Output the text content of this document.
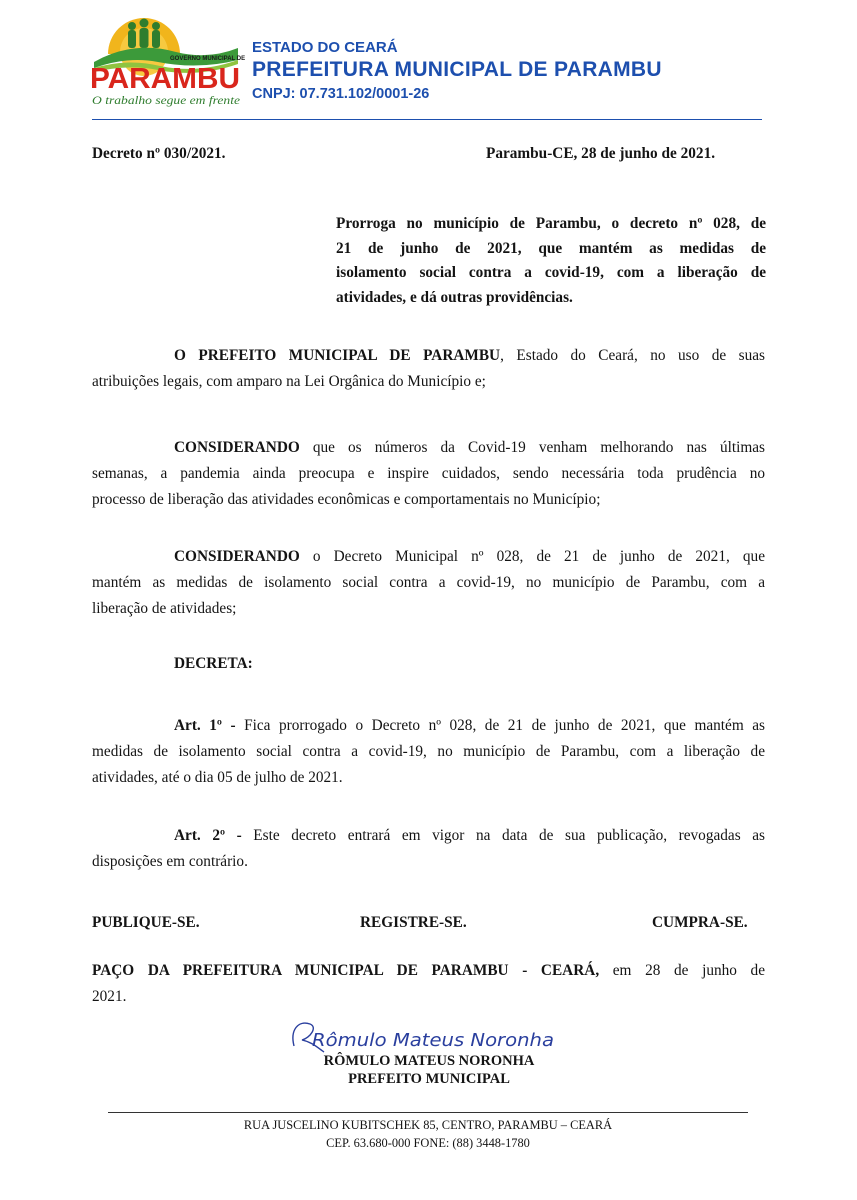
GOVERNO MUNICIPAL DE
PARAMBU
O trabalho segue em frente
ESTADO DO CEARÁ
PREFEITURA MUNICIPAL DE PARAMBU
CNPJ: 07.731.102/0001-26
Decreto nº 030/2021.	Parambu-CE, 28 de junho de 2021.
Prorroga no município de Parambu, o decreto nº 028, de
21 de junho de 2021, que mantém as medidas de
isolamento social contra a covid-19, com a liberação de
atividades, e dá outras providências.
O PREFEITO MUNICIPAL DE PARAMBU, Estado do Ceará, no uso de suas
atribuições legais, com amparo na Lei Orgânica do Município e;
CONSIDERANDO que os números da Covid-19 venham melhorando nas últimas
semanas, a pandemia ainda preocupa e inspire cuidados, sendo necessária toda prudência no
processo de liberação das atividades econômicas e comportamentais no Município;
CONSIDERANDO o Decreto Municipal nº 028, de 21 de junho de 2021, que
mantém as medidas de isolamento social contra a covid-19, no município de Parambu, com a
liberação de atividades;
DECRETA:
Art. 1º - Fica prorrogado o Decreto nº 028, de 21 de junho de 2021, que mantém as
medidas de isolamento social contra a covid-19, no município de Parambu, com a liberação de
atividades, até o dia 05 de julho de 2021.
Art. 2º - Este decreto entrará em vigor na data de sua publicação, revogadas as
disposições em contrário.
PUBLIQUE-SE.	REGISTRE-SE.	CUMPRA-SE.
PAÇO DA PREFEITURA MUNICIPAL DE PARAMBU - CEARÁ, em 28 de junho de
2021.
Rômulo Mateus Noronha
RÔMULO MATEUS NORONHA
PREFEITO MUNICIPAL
RUA JUSCELINO KUBITSCHEK 85, CENTRO, PARAMBU – CEARÁ
CEP. 63.680-000 FONE: (88) 3448-1780
